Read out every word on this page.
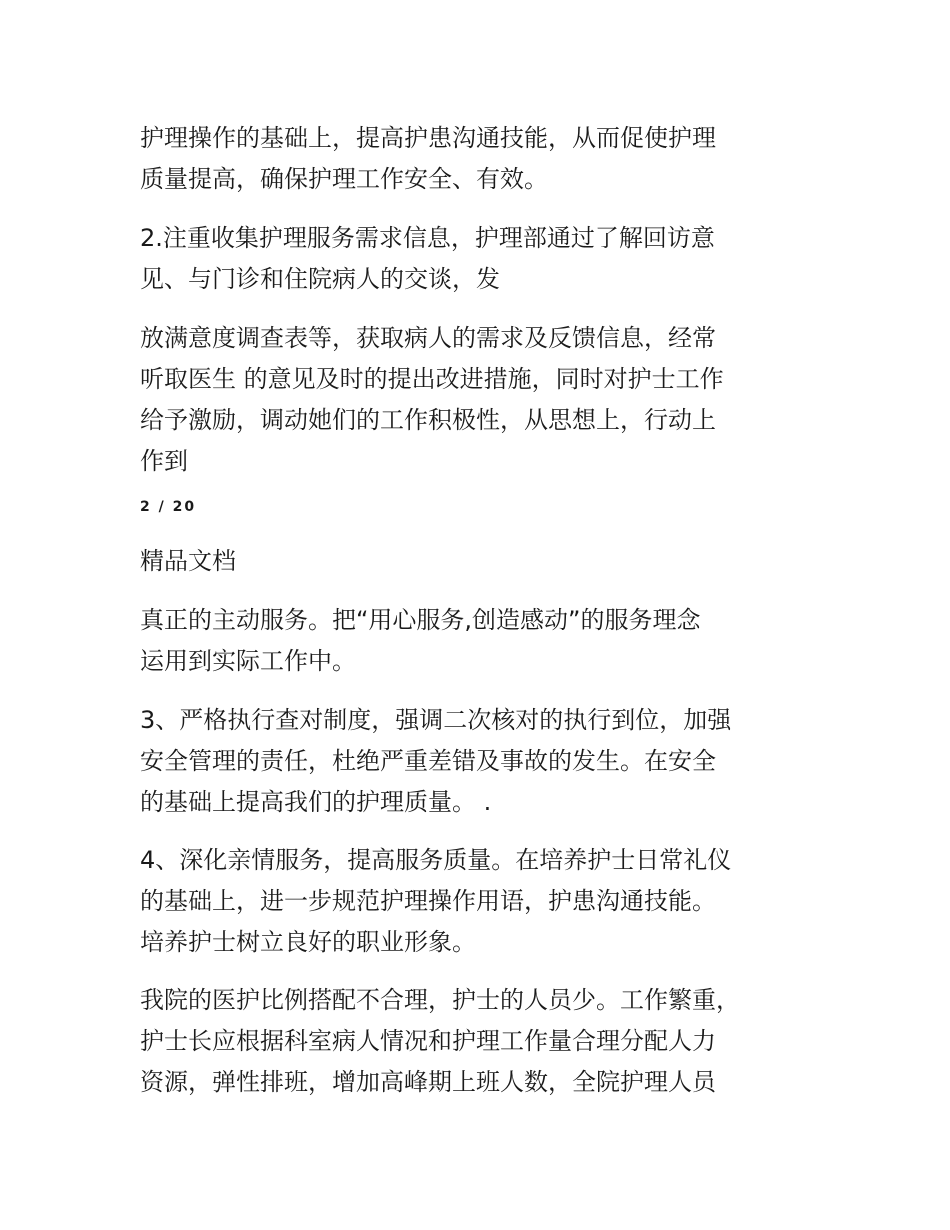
护理操作的基础上，提高护患沟通技能，从而促使护理
质量提高，确保护理工作安全、有效。

2.注重收集护理服务需求信息，护理部通过了解回访意
见、与门诊和住院病人的交谈，发

放满意度调查表等，获取病人的需求及反馈信息，经常
听取医生 的意见及时的提出改进措施，同时对护士工作
给予激励，调动她们的工作积极性，从思想上，行动上
作到

2 / 20

精品文档

真正的主动服务。把“用心服务,创造感动”的服务理念
运用到实际工作中。

3、严格执行查对制度，强调二次核对的执行到位，加强
安全管理的责任，杜绝严重差错及事故的发生。在安全
的基础上提高我们的护理质量。 .

4、深化亲情服务，提高服务质量。在培养护士日常礼仪
的基础上，进一步规范护理操作用语，护患沟通技能。
培养护士树立良好的职业形象。

我院的医护比例搭配不合理，护士的人员少。工作繁重，
护士长应根据科室病人情况和护理工作量合理分配人力
资源，弹性排班，增加高峰期上班人数，全院护理人员
